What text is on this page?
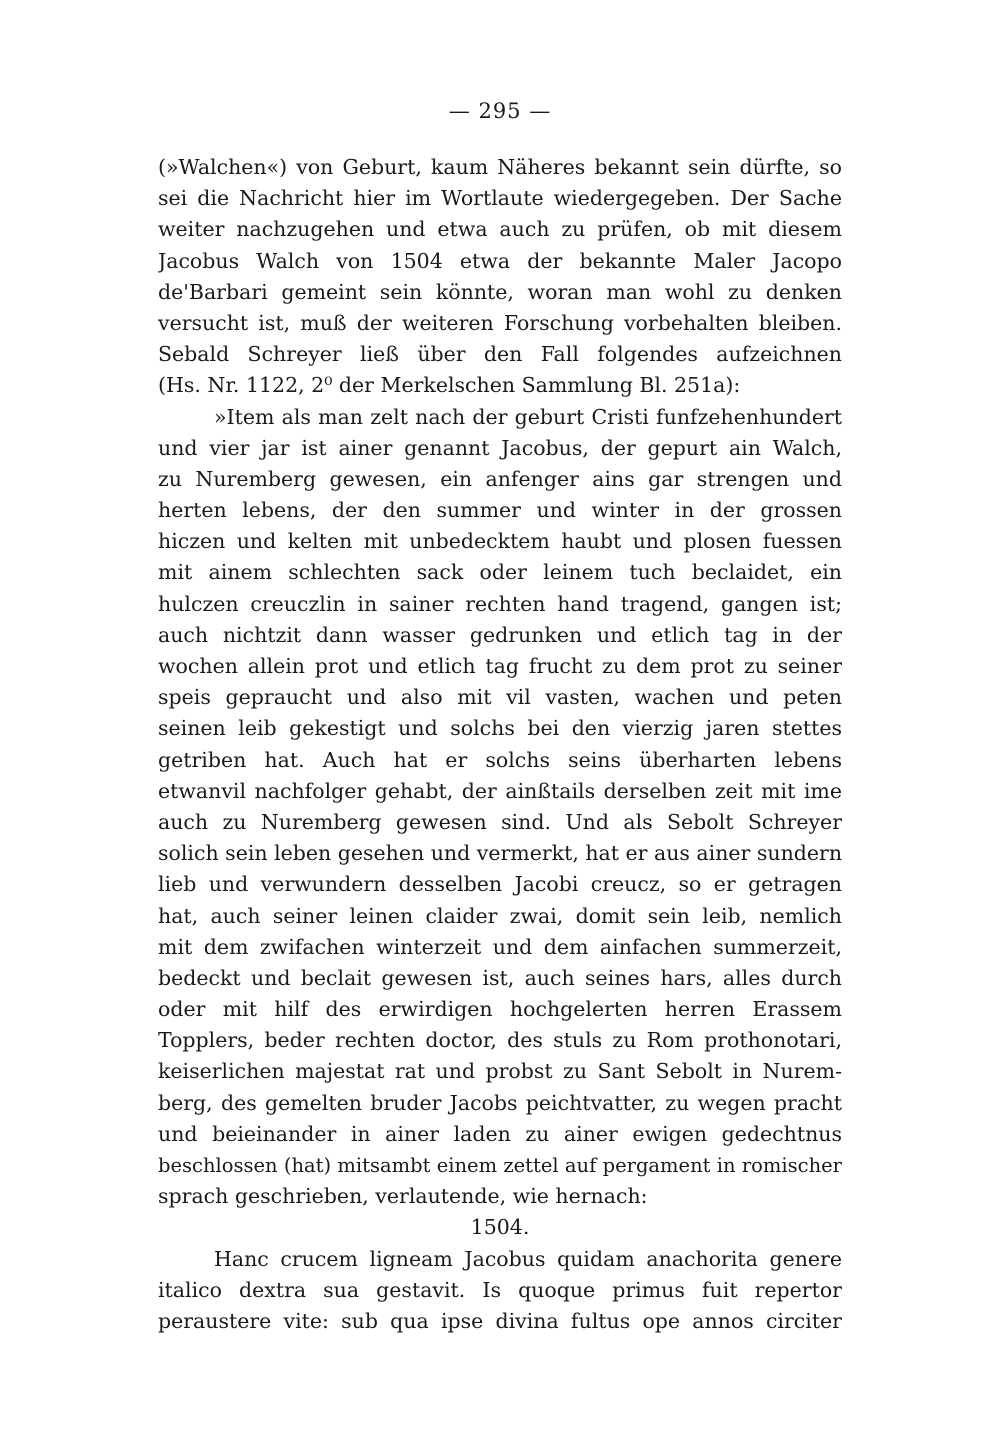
— 295 —
(»Walchen«) von Geburt, kaum Näheres bekannt sein dürfte, so
sei die Nachricht hier im Wortlaute wiedergegeben. Der Sache
weiter nachzugehen und etwa auch zu prüfen, ob mit diesem
Jacobus Walch von 1504 etwa der bekannte Maler Jacopo
de'Barbari gemeint sein könnte, woran man wohl zu denken
versucht ist, muß der weiteren Forschung vorbehalten bleiben.
Sebald Schreyer ließ über den Fall folgendes aufzeichnen
(Hs. Nr. 1122, 2⁰ der Merkelschen Sammlung Bl. 251a):
»Item als man zelt nach der geburt Cristi funfzehenhundert
und vier jar ist ainer genannt Jacobus, der gepurt ain Walch,
zu Nuremberg gewesen, ein anfenger ains gar strengen und
herten lebens, der den summer und winter in der grossen
hiczen und kelten mit unbedecktem haubt und plosen fuessen
mit ainem schlechten sack oder leinem tuch beclaidet, ein
hulczen creuczlin in sainer rechten hand tragend, gangen ist;
auch nichtzit dann wasser gedrunken und etlich tag in der
wochen allein prot und etlich tag frucht zu dem prot zu seiner
speis gepraucht und also mit vil vasten, wachen und peten
seinen leib gekestigt und solchs bei den vierzig jaren stettes
getriben hat. Auch hat er solchs seins überharten lebens
etwanvil nachfolger gehabt, der ainßtails derselben zeit mit ime
auch zu Nuremberg gewesen sind. Und als Sebolt Schreyer
solich sein leben gesehen und vermerkt, hat er aus ainer sundern
lieb und verwundern desselben Jacobi creucz, so er getragen
hat, auch seiner leinen claider zwai, domit sein leib, nemlich
mit dem zwifachen winterzeit und dem ainfachen summerzeit,
bedeckt und beclait gewesen ist, auch seines hars, alles durch
oder mit hilf des erwirdigen hochgelerten herren Erassem
Topplers, beder rechten doctor, des stuls zu Rom prothonotari,
keiserlichen majestat rat und probst zu Sant Sebolt in Nurem-
berg, des gemelten bruder Jacobs peichtvatter, zu wegen pracht
und beieinander in ainer laden zu ainer ewigen gedechtnus
beschlossen (hat) mitsambt einem zettel auf pergament in romischer
sprach geschrieben, verlautende, wie hernach:
1504.
Hanc crucem ligneam Jacobus quidam anachorita genere
italico dextra sua gestavit. Is quoque primus fuit repertor
peraustere vite: sub qua ipse divina fultus ope annos circiter
